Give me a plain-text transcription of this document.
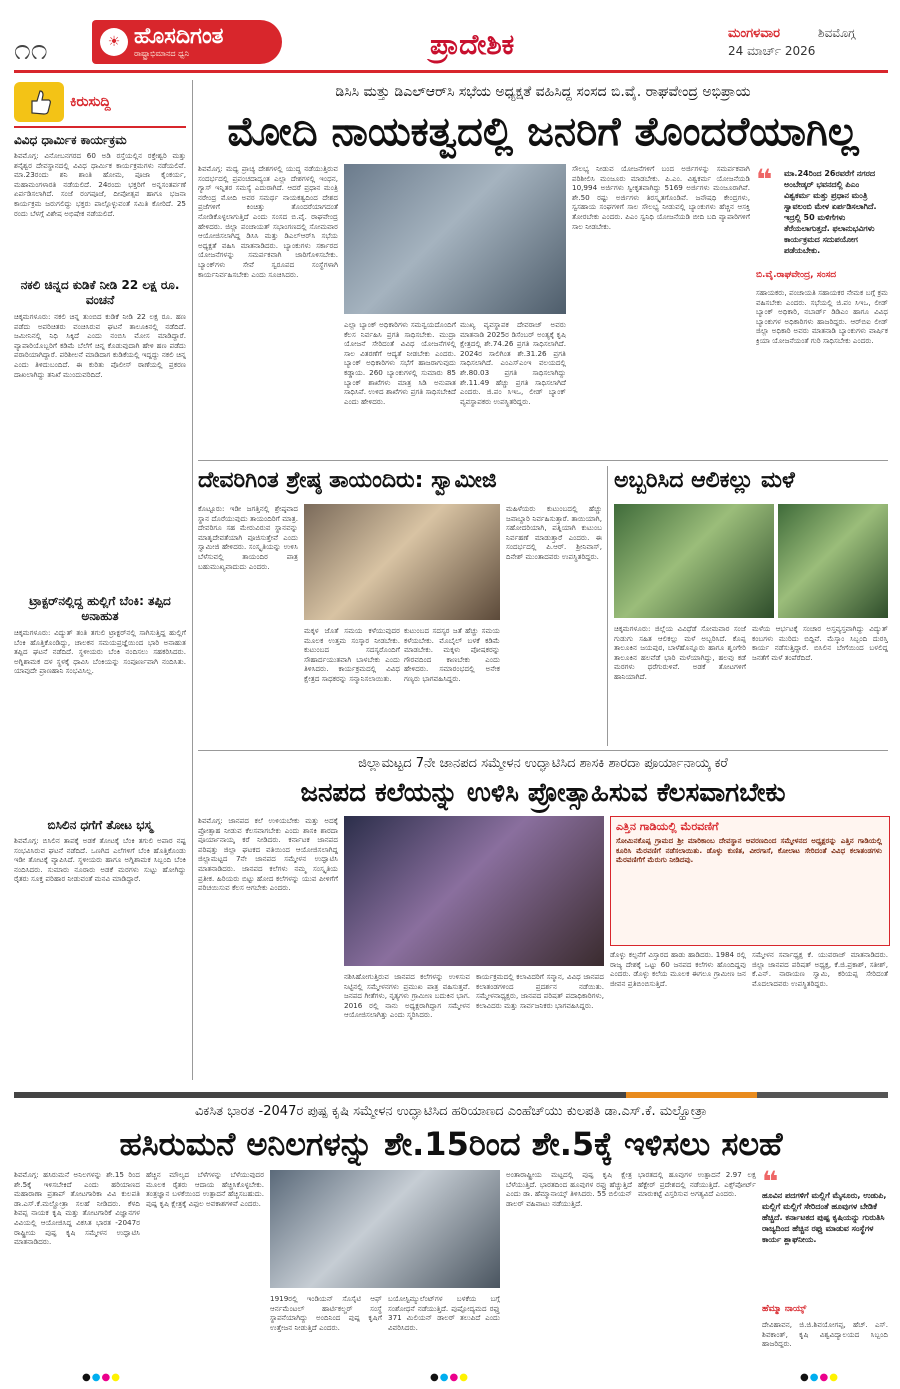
೧೧	☀ ಹೊಸದಿಗಂತ
ರಾಷ್ಟ್ರಾಭಿಮಾನದ ಧ್ವನಿ	ಪ್ರಾದೇಶಿಕ	ಮಂಗಳವಾರ
24 ಮಾರ್ಚ್ 2026
ಶಿವಮೊಗ್ಗ
ಕಿರುಸುದ್ದಿ
ವಿವಿಧ ಧಾರ್ಮಿಕ ಕಾರ್ಯಕ್ರಮ
ಶಿವಮೊಗ್ಗ: ವಿನೋಬನಗರದ 60 ಅಡಿ ರಸ್ತೆಯಲ್ಲಿನ ರಕ್ತೇಶ್ವರಿ ಮತ್ತು ಶನೈಶ್ವರ ದೇವಸ್ಥಾನದಲ್ಲಿ ವಿವಿಧ ಧಾರ್ಮಿಕ ಕಾರ್ಯಕ್ರಮಗಳು ನಡೆಯಲಿವೆ. ಮಾ.23ರಂದು ಶನಿ ಶಾಂತಿ ಹೋಮ, ಪೂಜಾ ಕೈಂಕರ್ಯ, ಮಹಾಮಂಗಳಾರತಿ ನಡೆಯಲಿದೆ. 24ರಂದು ಭಕ್ತರಿಗೆ ಅನ್ನಸಂತರ್ಪಣೆ ಏರ್ಪಡಿಸಲಾಗಿದೆ. ಸಂಜೆ ರಂಗಪೂಜೆ, ದೀಪೋತ್ಸವ ಹಾಗೂ ಭಜನಾ ಕಾರ್ಯಕ್ರಮ ಜರುಗಲಿದ್ದು ಭಕ್ತರು ಪಾಲ್ಗೊಳ್ಳುವಂತೆ ಸಮಿತಿ ಕೋರಿದೆ. 25 ರಂದು ಬೆಳಗ್ಗೆ ವಿಶೇಷ ಅಭಿಷೇಕ ನಡೆಯಲಿದೆ.
ನಕಲಿ ಚಿನ್ನದ ಕುಡಿಕೆ ನೀಡಿ 22 ಲಕ್ಷ ರೂ. ವಂಚನೆ
ಚಿಕ್ಕಮಗಳೂರು: ನಕಲಿ ಚಿನ್ನ ತುಂಬಿದ ಕುಡಿಕೆ ನೀಡಿ 22 ಲಕ್ಷ ರೂ. ಹಣ ಪಡೆದು ಅಪರಿಚಿತರು ವಂಚಿಸಿರುವ ಘಟನೆ ತಾಲೂಕಿನಲ್ಲಿ ನಡೆದಿದೆ. ಜಮೀನಿನಲ್ಲಿ ನಿಧಿ ಸಿಕ್ಕಿದೆ ಎಂದು ನಂಬಿಸಿ ಮೋಸ ಮಾಡಿದ್ದಾರೆ. ವ್ಯಾಪಾರಿಯೊಬ್ಬರಿಗೆ ಕಡಿಮೆ ಬೆಲೆಗೆ ಚಿನ್ನ ಕೊಡುವುದಾಗಿ ಹೇಳಿ ಹಣ ಪಡೆದು ಪರಾರಿಯಾಗಿದ್ದಾರೆ. ಪರಿಶೀಲನೆ ಮಾಡಿದಾಗ ಕುಡಿಕೆಯಲ್ಲಿ ಇದ್ದದ್ದು ನಕಲಿ ಚಿನ್ನ ಎಂದು ತಿಳಿದುಬಂದಿದೆ. ಈ ಕುರಿತು ಪೊಲೀಸ್ ಠಾಣೆಯಲ್ಲಿ ಪ್ರಕರಣ ದಾಖಲಾಗಿದ್ದು ತನಿಖೆ ಮುಂದುವರಿದಿದೆ.
ಟ್ರಾಕ್ಟರ್‌ನಲ್ಲಿದ್ದ ಹುಲ್ಲಿಗೆ ಬೆಂಕಿ: ತಪ್ಪಿದ ಅನಾಹುತ
ಚಿಕ್ಕಮಗಳೂರು: ವಿದ್ಯುತ್ ತಂತಿ ತಗುಲಿ ಟ್ರಾಕ್ಟರ್‌ನಲ್ಲಿ ಸಾಗಿಸುತ್ತಿದ್ದ ಹುಲ್ಲಿಗೆ ಬೆಂಕಿ ಹೊತ್ತಿಕೊಂಡಿದ್ದು, ಚಾಲಕನ ಸಮಯಪ್ರಜ್ಞೆಯಿಂದ ಭಾರಿ ಅನಾಹುತ ತಪ್ಪಿದ ಘಟನೆ ನಡೆದಿದೆ. ಸ್ಥಳೀಯರು ಬೆಂಕಿ ನಂದಿಸಲು ಸಹಕರಿಸಿದರು. ಅಗ್ನಿಶಾಮಕ ದಳ ಸ್ಥಳಕ್ಕೆ ಧಾವಿಸಿ ಬೆಂಕಿಯನ್ನು ಸಂಪೂರ್ಣವಾಗಿ ನಂದಿಸಿತು. ಯಾವುದೇ ಪ್ರಾಣಹಾನಿ ಸಂಭವಿಸಿಲ್ಲ.
ಬಿಸಿಲಿನ ಧಗೆಗೆ ತೋಟ ಭಸ್ಮ
ಶಿವಮೊಗ್ಗ: ಬಿಸಿಲಿನ ತಾಪಕ್ಕೆ ಅಡಕೆ ತೋಟಕ್ಕೆ ಬೆಂಕಿ ತಗುಲಿ ಅಪಾರ ನಷ್ಟ ಸಂಭವಿಸಿರುವ ಘಟನೆ ನಡೆದಿದೆ. ಒಣಗಿದ ಎಲೆಗಳಿಗೆ ಬೆಂಕಿ ಹೊತ್ತಿಕೊಂಡು ಇಡೀ ತೋಟಕ್ಕೆ ವ್ಯಾಪಿಸಿದೆ. ಸ್ಥಳೀಯರು ಹಾಗೂ ಅಗ್ನಿಶಾಮಕ ಸಿಬ್ಬಂದಿ ಬೆಂಕಿ ನಂದಿಸಿದರು. ಸುಮಾರು ನೂರಾರು ಅಡಕೆ ಮರಗಳು ಸುಟ್ಟು ಹೋಗಿದ್ದು ರೈತರು ಸೂಕ್ತ ಪರಿಹಾರ ನೀಡುವಂತೆ ಮನವಿ ಮಾಡಿದ್ದಾರೆ.
ಡಿಸಿಸಿ ಮತ್ತು ಡಿಎಲ್‌ಆರ್‌ಸಿ ಸಭೆಯ ಅಧ್ಯಕ್ಷತೆ ವಹಿಸಿದ್ದ ಸಂಸದ ಬಿ.ವೈ. ರಾಘವೇಂದ್ರ ಅಭಿಪ್ರಾಯ
ಮೋದಿ ನಾಯಕತ್ವದಲ್ಲಿ ಜನರಿಗೆ ತೊಂದರೆಯಾಗಿಲ್ಲ
ಶಿವಮೊಗ್ಗ: ಮಧ್ಯ ಪ್ರಾಚ್ಯ ದೇಶಗಳಲ್ಲಿ ಯುದ್ಧ ನಡೆಯುತ್ತಿರುವ ಸಂದರ್ಭದಲ್ಲಿ ಪ್ರಪಂಚದಾದ್ಯಂತ ಎಲ್ಲಾ ದೇಶಗಳಲ್ಲಿ ಇಂಧನ, ಗ್ಯಾಸ್ ಇನ್ನಿತರ ಸಮಸ್ಯೆ ಎದುರಾಗಿದೆ. ಆದರೆ ಪ್ರಧಾನ ಮಂತ್ರಿ ನರೇಂದ್ರ ಮೋದಿ ಅವರ ಸಮರ್ಥ ನಾಯಕತ್ವದಿಂದ ದೇಶದ ಪ್ರಜೆಗಳಿಗೆ ಕಿಂಚಿತ್ತು ತೊಂದರೆಯಾಗದಂತೆ ನೋಡಿಕೊಳ್ಳಲಾಗುತ್ತಿದೆ ಎಂದು ಸಂಸದ ಬಿ.ವೈ. ರಾಘವೇಂದ್ರ ಹೇಳಿದರು. ಜಿಲ್ಲಾ ಪಂಚಾಯತ್ ಸಭಾಂಗಣದಲ್ಲಿ ಸೋಮವಾರ ಆಯೋಜಿಸಲಾಗಿದ್ದ ಡಿಸಿಸಿ ಮತ್ತು ಡಿಎಲ್‌ಆರ್‌ಸಿ ಸಭೆಯ ಅಧ್ಯಕ್ಷತೆ ವಹಿಸಿ ಮಾತನಾಡಿದರು. ಬ್ಯಾಂಕುಗಳು ಸರ್ಕಾರದ ಯೋಜನೆಗಳನ್ನು ಸಮರ್ಪಕವಾಗಿ ಜಾರಿಗೊಳಿಸಬೇಕು. ಬ್ಯಾಂಕ್‌ಗಳು ಸೇವೆ ಸ್ವರೂಪದ ಸಂಸ್ಥೆಗಳಾಗಿ ಕಾರ್ಯನಿರ್ವಹಿಸಬೇಕು ಎಂದು ಸೂಚಿಸಿದರು.
ಎಲ್ಲಾ ಬ್ಯಾಂಕ್ ಅಧಿಕಾರಿಗಳು ಸಮನ್ವಯದೊಂದಿಗೆ ಕೆಲಸ ನಿರ್ವಹಿಸಿ ಪ್ರಗತಿ ಸಾಧಿಸಬೇಕು. ಮುದ್ರಾ ಯೋಜನೆ ಸೇರಿದಂತೆ ವಿವಿಧ ಯೋಜನೆಗಳಲ್ಲಿ ಸಾಲ ವಿತರಣೆಗೆ ಆದ್ಯತೆ ನೀಡಬೇಕು ಎಂದರು. ಬ್ಯಾಂಕ್ ಅಧಿಕಾರಿಗಳು ಸಭೆಗೆ ಹಾಜರಾಗುವುದು ಕಡ್ಡಾಯ. 260 ಬ್ಯಾಂಕುಗಳಲ್ಲಿ ಸುಮಾರು 85 ಬ್ಯಾಂಕ್ ಶಾಖೆಗಳು ಮಾತ್ರ ಸಿಡಿ ಅನುಪಾತ ಸಾಧಿಸಿವೆ. ಉಳಿದ ಶಾಖೆಗಳು ಪ್ರಗತಿ ಸಾಧಿಸಬೇಕಿದೆ ಎಂದು ಹೇಳಿದರು.
ಮುಖ್ಯ ವ್ಯವಸ್ಥಾಪಕ ದೇವರಾಜ್ ಅವರು ಮಾತನಾಡಿ 2025ರ ಡಿಸೆಂಬರ್ ಅಂತ್ಯಕ್ಕೆ ಕೃಷಿ ಕ್ಷೇತ್ರದಲ್ಲಿ ಶೇ.74.26 ಪ್ರಗತಿ ಸಾಧಿಸಲಾಗಿದೆ. 2024ರ ಸಾಲಿಗಿಂತ ಶೇ.31.26 ಪ್ರಗತಿ ಸಾಧಿಸಲಾಗಿದೆ. ಎಂಎಸ್‌ಎಂಇ ವಲಯದಲ್ಲಿ ಶೇ.80.03 ಪ್ರಗತಿ ಸಾಧಿಸಲಾಗಿದ್ದು ಶೇ.11.49 ಹೆಚ್ಚು ಪ್ರಗತಿ ಸಾಧಿಸಲಾಗಿದೆ ಎಂದರು. ಜಿ.ಪಂ ಸಿಇಒ, ಲೀಡ್ ಬ್ಯಾಂಕ್ ವ್ಯವಸ್ಥಾಪಕರು ಉಪಸ್ಥಿತರಿದ್ದರು.
ಸೌಲಭ್ಯ ನೀಡುವ ಯೋಜನೆಗಳಿಗೆ ಬಂದ ಅರ್ಜಿಗಳನ್ನು ಸಮರ್ಪಕವಾಗಿ ಪರಿಶೀಲಿಸಿ ಮಂಜೂರು ಮಾಡಬೇಕು. ಪಿ.ಎಂ. ವಿಶ್ವಕರ್ಮ ಯೋಜನೆಯಡಿ 10,994 ಅರ್ಜಿಗಳು ಸ್ವೀಕೃತವಾಗಿದ್ದು 5169 ಅರ್ಜಿಗಳು ಮಂಜೂರಾಗಿವೆ. ಶೇ.50 ರಷ್ಟು ಅರ್ಜಿಗಳು ತಿರಸ್ಕೃತಗೊಂಡಿವೆ. ಜನೌಷಧಿ ಕೇಂದ್ರಗಳು, ಸ್ವಸಹಾಯ ಸಂಘಗಳಿಗೆ ಸಾಲ ಸೌಲಭ್ಯ ನೀಡುವಲ್ಲಿ ಬ್ಯಾಂಕುಗಳು ಹೆಚ್ಚಿನ ಆಸಕ್ತಿ ತೋರಬೇಕು ಎಂದರು. ಪಿಎಂ ಸ್ವನಿಧಿ ಯೋಜನೆಯಡಿ ಬೀದಿ ಬದಿ ವ್ಯಾಪಾರಿಗಳಿಗೆ ಸಾಲ ನೀಡಬೇಕು.
❝ ಮಾ.24ರಿಂದ 26ರವರೆಗೆ ನಗರದ ಅಂಬೇಡ್ಕರ್ ಭವನದಲ್ಲಿ ಪಿಎಂ ವಿಶ್ವಕರ್ಮ ಮತ್ತು ಪ್ರಧಾನ ಮಂತ್ರಿ ಸ್ವಾವಲಂಬಿ ಮೇಳ ಏರ್ಪಡಿಸಲಾಗಿದೆ. ಇದ್ರಲ್ಲಿ 50 ಮಳಿಗೆಗಳು ತೆರೆಯಲಾಗುತ್ತದೆ. ಫಲಾನುಭವಿಗಳು ಕಾರ್ಯಕ್ರಮದ ಸದುಪಯೋಗ ಪಡೆಯಬೇಕು.
ಬಿ.ವೈ.ರಾಘವೇಂದ್ರ, ಸಂಸದ
ಸಹಾಯಕರು, ಪಂಚಾಯತಿ ಸಹಾಯಕರ ನೇಮಕ ಬಗ್ಗೆ ಕ್ರಮ ವಹಿಸಬೇಕು ಎಂದರು. ಸಭೆಯಲ್ಲಿ ಜಿ.ಪಂ ಸಿಇಒ, ಲೀಡ್ ಬ್ಯಾಂಕ್ ಅಧಿಕಾರಿ, ನಬಾರ್ಡ್ ಡಿಡಿಎಂ ಹಾಗೂ ವಿವಿಧ ಬ್ಯಾಂಕುಗಳ ಅಧಿಕಾರಿಗಳು ಹಾಜರಿದ್ದರು. ಆರ್‌ಬಿಐ ಲೀಡ್ ಜಿಲ್ಲಾ ಅಧಿಕಾರಿ ಅವರು ಮಾತನಾಡಿ ಬ್ಯಾಂಕುಗಳು ವಾರ್ಷಿಕ ಕ್ರಿಯಾ ಯೋಜನೆಯಂತೆ ಗುರಿ ಸಾಧಿಸಬೇಕು ಎಂದರು.
ದೇವರಿಗಿಂತ ಶ್ರೇಷ್ಠ ತಾಯಂದಿರು: ಸ್ವಾಮೀಜಿ
ಕೊಟ್ಟೂರು: ಇಡೀ ಜಗತ್ತಿನಲ್ಲಿ ಶ್ರೇಷ್ಠವಾದ ಸ್ಥಾನ ದೊರೆಯುವುದು ತಾಯಂದಿರಿಗೆ ಮಾತ್ರ. ದೇವರಿಗೂ ಸಹ ಮೇರುವಿರುವ ಸ್ಥಾನವನ್ನು ಮಾತೃದೇವತೆಯಾಗಿ ಪೂಜಿಸುತ್ತೇವೆ ಎಂದು ಸ್ವಾಮೀಜಿ ಹೇಳಿದರು. ಸಂಸ್ಕೃತಿಯನ್ನು ಉಳಿಸಿ ಬೆಳೆಸುವಲ್ಲಿ ತಾಯಂದಿರ ಪಾತ್ರ ಬಹುಮುಖ್ಯವಾದುದು ಎಂದರು.
ಮಕ್ಕಳ ಜೊತೆ ಸಮಯ ಕಳೆಯುವುದರ ಮೂಲಕ ಉತ್ತಮ ಸಂಸ್ಕಾರ ನೀಡಬೇಕು. ಕುಟುಂಬದ ಸದಸ್ಯರೊಂದಿಗೆ ಸೌಹಾರ್ದಯುತವಾಗಿ ಬಾಳಬೇಕು ಎಂದು ತಿಳಿಸಿದರು. ಕಾರ್ಯಕ್ರಮದಲ್ಲಿ ವಿವಿಧ ಕ್ಷೇತ್ರದ ಸಾಧಕರನ್ನು ಸನ್ಮಾನಿಸಲಾಯಿತು.
ಕುಟುಂಬದ ಸದಸ್ಯರ ಜತೆ ಹೆಚ್ಚು ಸಮಯ ಕಳೆಯಬೇಕು. ಮೊಬೈಲ್ ಬಳಕೆ ಕಡಿಮೆ ಮಾಡಬೇಕು. ಮಕ್ಕಳು ಪೋಷಕರನ್ನು ಗೌರವದಿಂದ ಕಾಣಬೇಕು ಎಂದು ಹೇಳಿದರು. ಸಮಾರಂಭದಲ್ಲಿ ಅನೇಕ ಗಣ್ಯರು ಭಾಗವಹಿಸಿದ್ದರು.
ಮಹಿಳೆಯರು ಕುಟುಂಬದಲ್ಲಿ ಹೆಚ್ಚು ಜವಾಬ್ದಾರಿ ನಿರ್ವಹಿಸುತ್ತಾರೆ. ತಾಯಿಯಾಗಿ, ಸಹೋದರಿಯಾಗಿ, ಪತ್ನಿಯಾಗಿ ಕುಟುಂಬ ನಿರ್ವಹಣೆ ಮಾಡುತ್ತಾರೆ ಎಂದರು. ಈ ಸಂದರ್ಭದಲ್ಲಿ ಪಿ.ಆರ್. ಶ್ರೀನಿವಾಸ್, ದಿನೇಶ್ ಮುಂತಾದವರು ಉಪಸ್ಥಿತರಿದ್ದರು.
ಅಬ್ಬರಿಸಿದ ಆಲಿಕಲ್ಲು ಮಳೆ
ಚಿಕ್ಕಮಗಳೂರು: ಜಿಲ್ಲೆಯ ವಿವಿಧೆಡೆ ಸೋಮವಾರ ಸಂಜೆ ಗುಡುಗು ಸಹಿತ ಆಲಿಕಲ್ಲು ಮಳೆ ಅಬ್ಬರಿಸಿದೆ. ಕೊಪ್ಪ ತಾಲೂಕಿನ ಜಯಪುರ, ಬಾಳೆಹೊನ್ನೂರು ಹಾಗೂ ಶೃಂಗೇರಿ ತಾಲೂಕಿನ ಹಲವೆಡೆ ಭಾರಿ ಮಳೆಯಾಗಿದ್ದು, ಹಲವು ಕಡೆ ಮರಗಳು ಧರೆಗುರುಳಿವೆ. ಅಡಕೆ ತೋಟಗಳಿಗೆ ಹಾನಿಯಾಗಿದೆ.
ಮಳೆಯ ಆರ್ಭಟಕ್ಕೆ ಸಂಚಾರ ಅಸ್ತವ್ಯಸ್ತವಾಗಿದ್ದು ವಿದ್ಯುತ್ ಕಂಬಗಳು ಮುರಿದು ಬಿದ್ದಿವೆ. ಮೆಸ್ಕಾಂ ಸಿಬ್ಬಂದಿ ದುರಸ್ತಿ ಕಾರ್ಯ ನಡೆಸುತ್ತಿದ್ದಾರೆ. ಬಿಸಿಲಿನ ಬೇಗೆಯಿಂದ ಬಳಲಿದ್ದ ಜನತೆಗೆ ಮಳೆ ತಂಪೆರೆದಿದೆ.
ಜಿಲ್ಲಾಮಟ್ಟದ 7ನೇ ಜಾನಪದ ಸಮ್ಮೇಳನ ಉದ್ಘಾಟಿಸಿದ ಶಾಸಕಿ ಶಾರದಾ ಪೂರ್ಯಾನಾಯ್ಕ ಕರೆ
ಜನಪದ ಕಲೆಯನ್ನು ಉಳಿಸಿ ಪ್ರೋತ್ಸಾಹಿಸುವ ಕೆಲಸವಾಗಬೇಕು
ಶಿವಮೊಗ್ಗ: ಜಾನಪದ ಕಲೆ ಉಳಿಯಬೇಕು ಮತ್ತು ಅದಕ್ಕೆ ಪ್ರೋತ್ಸಾಹ ನೀಡುವ ಕೆಲಸವಾಗಬೇಕು ಎಂದು ಶಾಸಕಿ ಶಾರದಾ ಪೂರ್ಯಾನಾಯ್ಕ ಕರೆ ನೀಡಿದರು. ಕರ್ನಾಟಕ ಜಾನಪದ ಪರಿಷತ್ತು ಜಿಲ್ಲಾ ಘಟಕದ ವತಿಯಿಂದ ಆಯೋಜಿಸಲಾಗಿದ್ದ ಜಿಲ್ಲಾಮಟ್ಟದ 7ನೇ ಜಾನಪದ ಸಮ್ಮೇಳನ ಉದ್ಘಾಟಿಸಿ ಮಾತನಾಡಿದರು. ಜಾನಪದ ಕಲೆಗಳು ನಮ್ಮ ಸಂಸ್ಕೃತಿಯ ಪ್ರತೀಕ. ಹಿರಿಯರು ಬಿಟ್ಟು ಹೋದ ಕಲೆಗಳನ್ನು ಯುವ ಪೀಳಿಗೆಗೆ ಪರಿಚಯಿಸುವ ಕೆಲಸ ಆಗಬೇಕು ಎಂದರು.
ನಶಿಸಿಹೋಗುತ್ತಿರುವ ಜಾನಪದ ಕಲೆಗಳನ್ನು ಉಳಿಸುವ ನಿಟ್ಟಿನಲ್ಲಿ ಸಮ್ಮೇಳನಗಳು ಪ್ರಮುಖ ಪಾತ್ರ ವಹಿಸುತ್ತವೆ. ಜನಪದ ಗೀತೆಗಳು, ನೃತ್ಯಗಳು ಗ್ರಾಮೀಣ ಬದುಕಿನ ಭಾಗ. 2016 ರಲ್ಲಿ ನಾನು ಅಧ್ಯಕ್ಷರಾಗಿದ್ದಾಗ ಸಮ್ಮೇಳನ ಆಯೋಜಿಸಲಾಗಿತ್ತು ಎಂದು ಸ್ಮರಿಸಿದರು.
ಕಾರ್ಯಕ್ರಮದಲ್ಲಿ ಕಲಾವಿದರಿಗೆ ಸನ್ಮಾನ, ವಿವಿಧ ಜಾನಪದ ಕಲಾತಂಡಗಳಿಂದ ಪ್ರದರ್ಶನ ನಡೆಯಿತು. ಸಮ್ಮೇಳನಾಧ್ಯಕ್ಷರು, ಜಾನಪದ ಪರಿಷತ್ ಪದಾಧಿಕಾರಿಗಳು, ಕಲಾವಿದರು ಮತ್ತು ಸಾರ್ವಜನಿಕರು ಭಾಗವಹಿಸಿದ್ದರು.
ಎತ್ತಿನ ಗಾಡಿಯಲ್ಲಿ ಮೆರವಣಿಗೆ
ಸೋಮಿನಕೊಪ್ಪ ಗ್ರಾಮದ ಶ್ರೀ ಮಾರಿಕಾಂಬ ದೇವಸ್ಥಾನ ಆವರಣದಿಂದ ಸಮ್ಮೇಳನದ ಅಧ್ಯಕ್ಷರನ್ನು ಎತ್ತಿನ ಗಾಡಿಯಲ್ಲಿ ಕೂರಿಸಿ ಮೆರವಣಿಗೆ ನಡೆಸಲಾಯಿತು. ಡೊಳ್ಳು ಕುಣಿತ, ವೀರಗಾಸೆ, ಕೋಲಾಟ ಸೇರಿದಂತೆ ವಿವಿಧ ಕಲಾತಂಡಗಳು ಮೆರವಣಿಗೆಗೆ ಮೆರುಗು ನೀಡಿದವು.
ಡೊಳ್ಳು ಕಲ್ಪನೆಗೆ ವಿಸ್ತಾರದ ಹಾಡು ಹಾಡಿದರು. 1984 ರಲ್ಲಿ ರಾಜ್ಯ ದೇಶಕ್ಕೆ ಒಟ್ಟು 60 ಜನಪದ ಕಲೆಗಳು ಹೊಂದಿದ್ದವು ಎಂದರು. ಡೊಳ್ಳು ಕಲೆಯ ಮೂಲಕ ಈಗಲೂ ಗ್ರಾಮೀಣ ಜನ ಜೀವನ ಪ್ರತಿಬಿಂಬಿಸುತ್ತಿದೆ.
ಸಮ್ಮೇಳನ ಸರ್ವಾಧ್ಯಕ್ಷ ಕೆ. ಯುವರಾಜ್ ಮಾತನಾಡಿದರು. ಜಿಲ್ಲಾ ಜಾನಪದ ಪರಿಷತ್ ಅಧ್ಯಕ್ಷ, ಕೆ.ಜಿ.ಪ್ರಕಾಶ್, ಸತೀಶ್, ಕೆ.ಎನ್. ನಾರಾಯಣ ಸ್ವಾಮಿ, ಕರಿಯಪ್ಪ ಸೇರಿದಂತೆ ಮೊದಲಾದವರು ಉಪಸ್ಥಿತರಿದ್ದರು.
ವಿಕಸಿತ ಭಾರತ -2047ರ ಪುಷ್ಪ ಕೃಷಿ ಸಮ್ಮೇಳನ ಉದ್ಘಾಟಿಸಿದ ಹರಿಯಾಣದ ಎಂಹೆಚ್‌ಯು ಕುಲಪತಿ ಡಾ.ಎಸ್.ಕೆ. ಮಲ್ಹೋತ್ರಾ
ಹಸಿರುಮನೆ ಅನಿಲಗಳನ್ನು ಶೇ.15ರಿಂದ ಶೇ.5ಕ್ಕೆ ಇಳಿಸಲು ಸಲಹೆ
ಶಿವಮೊಗ್ಗ: ಹಸಿರುಮನೆ ಅನಿಲಗಳನ್ನು ಶೇ.15 ರಿಂದ ಶೇ.5ಕ್ಕೆ ಇಳಿಸಬೇಕಿದೆ ಎಂದು ಹರಿಯಾಣದ ಮಹಾರಾಣಾ ಪ್ರತಾಪ್ ತೋಟಗಾರಿಕಾ ವಿವಿ ಕುಲಪತಿ ಡಾ.ಎಸ್.ಕೆ.ಮಲ್ಹೋತ್ರಾ ಸಲಹೆ ನೀಡಿದರು. ಕೆಳದಿ ಶಿವಪ್ಪ ನಾಯಕ ಕೃಷಿ ಮತ್ತು ತೋಟಗಾರಿಕೆ ವಿಜ್ಞಾನಗಳ ವಿವಿಯಲ್ಲಿ ಆಯೋಜಿಸಿದ್ದ ವಿಕಸಿತ ಭಾರತ -2047ರ ರಾಷ್ಟ್ರೀಯ ಪುಷ್ಪ ಕೃಷಿ ಸಮ್ಮೇಳನ ಉದ್ಘಾಟಿಸಿ ಮಾತನಾಡಿದರು.
ಹೆಚ್ಚಿನ ಮೌಲ್ಯದ ಬೆಳೆಗಳನ್ನು ಬೆಳೆಯುವುದರ ಮೂಲಕ ರೈತರು ಆದಾಯ ಹೆಚ್ಚಿಸಿಕೊಳ್ಳಬೇಕು. ತಂತ್ರಜ್ಞಾನ ಬಳಕೆಯಿಂದ ಉತ್ಪಾದನೆ ಹೆಚ್ಚಿಸಬಹುದು. ಪುಷ್ಪ ಕೃಷಿ ಕ್ಷೇತ್ರಕ್ಕೆ ವಿಫುಲ ಅವಕಾಶಗಳಿವೆ ಎಂದರು.
1919ರಲ್ಲಿ ಇಂಡಿಯನ್ ಸೊಸೈಟಿ ಆಫ್ ಆರ್ನಮೆಂಟಲ್ ಹಾರ್ಟಿಕಲ್ಚರ್ ಸಂಸ್ಥೆ ಸ್ಥಾಪನೆಯಾಗಿದ್ದು ಅಂದಿನಿಂದ ಪುಷ್ಪ ಕೃಷಿಗೆ ಉತ್ತೇಜನ ನೀಡುತ್ತಿದೆ ಎಂದರು.
ಬಯೋಸ್ಟಿಮ್ಯುಲೆಂಟ್‌ಗಳ ಬಳಕೆಯ ಬಗ್ಗೆ ಸಂಶೋಧನೆ ನಡೆಯುತ್ತಿದೆ. ಪುಷ್ಪೋದ್ಯಮದ ರಫ್ತು 371 ಮಿಲಿಯನ್ ಡಾಲರ್ ತಲುಪಿದೆ ಎಂದು ವಿವರಿಸಿದರು.
ಅಂತಾರಾಷ್ಟ್ರೀಯ ಮಟ್ಟದಲ್ಲಿ ಪುಷ್ಪ ಕೃಷಿ ಕ್ಷೇತ್ರ ಬೆಳೆಯುತ್ತಿದೆ. ಭಾರತದಿಂದ ಹೂವುಗಳ ರಫ್ತು ಹೆಚ್ಚುತ್ತಿದೆ ಎಂದು ಡಾ. ಹೆಮ್ಮಾನಾಯ್ಕ್ ತಿಳಿಸಿದರು. 55 ಬಿಲಿಯನ್ ಡಾಲರ್ ವಹಿವಾಟು ನಡೆಯುತ್ತಿದೆ.
ಭಾರತದಲ್ಲಿ ಹೂವುಗಳ ಉತ್ಪಾದನೆ 2.97 ಲಕ್ಷ ಹೆಕ್ಟೇರ್ ಪ್ರದೇಶದಲ್ಲಿ ನಡೆಯುತ್ತಿದೆ. ಎಕ್ಸ್‌ಪೋರ್ಟ್ ಮಾರುಕಟ್ಟೆ ವಿಸ್ತರಿಸುವ ಅಗತ್ಯವಿದೆ ಎಂದರು. ❝
ಹೂವಿನ ಪದಗಳಿಗೆ ಮಲ್ಲಿಗೆ ಮೈಸೂರು, ಉಡುಪಿ, ಮಲ್ಲಿಗೆ ಮಲ್ಲಿಗೆ ಸೇರಿದಂತೆ ಹೂವುಗಳ ಬೇಡಿಕೆ ಹೆಚ್ಚಿದೆ. ಕರ್ನಾಟಕದ ಪುಷ್ಪ ಕೃಷಿಯನ್ನು ಗುರುತಿಸಿ ರಾಜ್ಯದಿಂದ ಹೆಚ್ಚಿನ ರಫ್ತು ಮಾಡುವ ಸಂಸ್ಥೆಗಳ ಕಾರ್ಯ ಶ್ಲಾಘನೀಯ.
ಹೆಮ್ಮಾ ನಾಯ್ಕ್
ದೇವಿಹಾವನ, ಜಿ.ಜಿ.ಶಿವಯೋಗಪ್ಪ, ಹೆಚ್. ಎಸ್. ಶಿವಕಾಂತ್, ಕೃಷಿ ವಿಶ್ವವಿದ್ಯಾಲಯದ ಸಿಬ್ಬಂದಿ ಹಾಜರಿದ್ದರು.
●●●●	●●●●	●●●●
